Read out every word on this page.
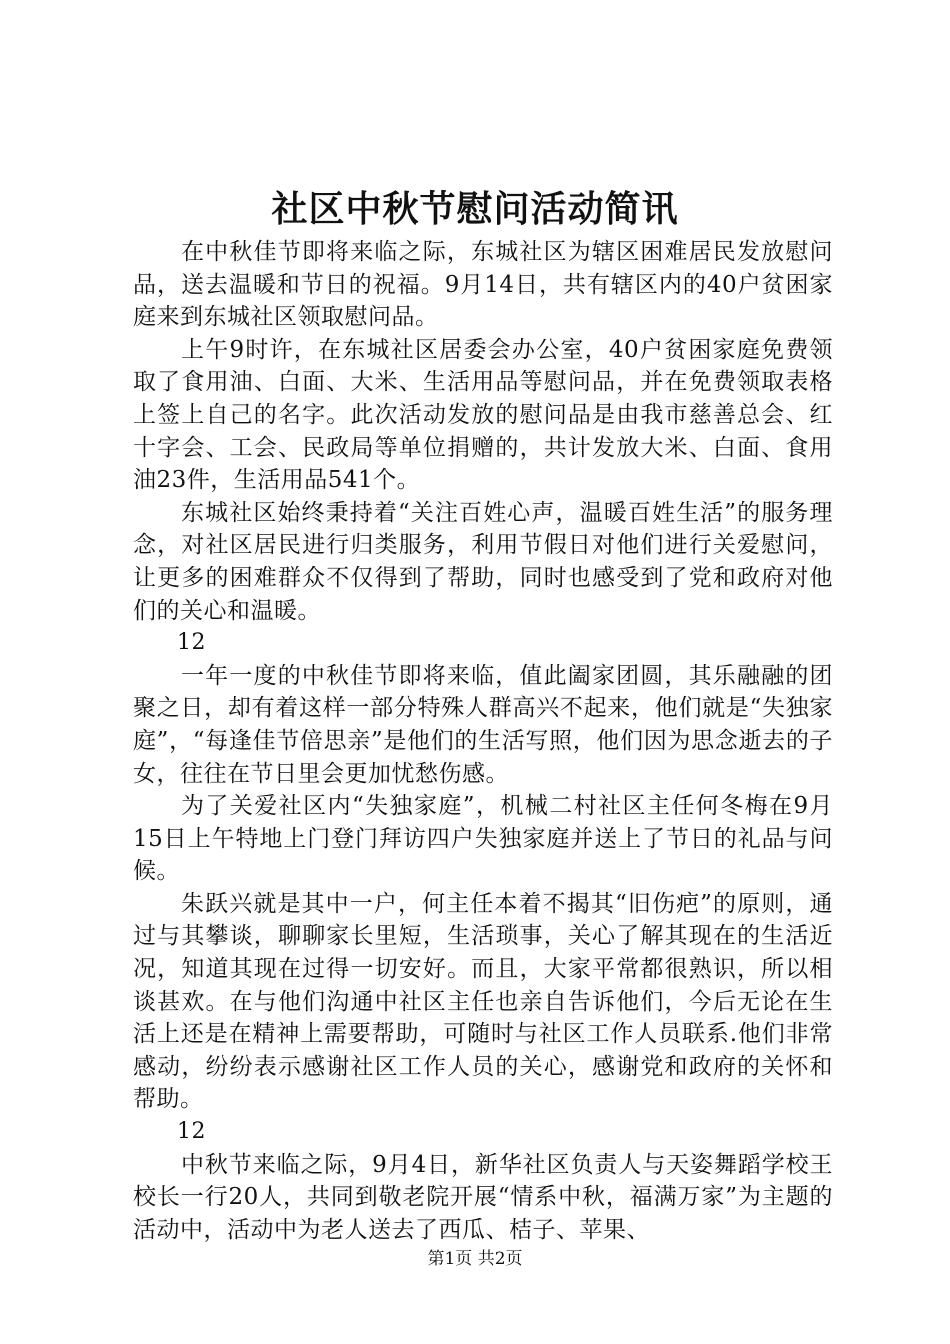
社区中秋节慰问活动简讯

在中秋佳节即将来临之际，东城社区为辖区困难居民发放慰问品，送去温暖和节日的祝福。9月14日，共有辖区内的40户贫困家庭来到东城社区领取慰问品。

上午9时许，在东城社区居委会办公室，40户贫困家庭免费领取了食用油、白面、大米、生活用品等慰问品，并在免费领取表格上签上自己的名字。此次活动发放的慰问品是由我市慈善总会、红十字会、工会、民政局等单位捐赠的，共计发放大米、白面、食用油23件，生活用品541个。

东城社区始终秉持着“关注百姓心声，温暖百姓生活”的服务理念，对社区居民进行归类服务，利用节假日对他们进行关爱慰问，让更多的困难群众不仅得到了帮助，同时也感受到了党和政府对他们的关心和温暖。

12

一年一度的中秋佳节即将来临，值此阖家团圆，其乐融融的团聚之日，却有着这样一部分特殊人群高兴不起来，他们就是“失独家庭”，“每逢佳节倍思亲”是他们的生活写照，他们因为思念逝去的子女，往往在节日里会更加忧愁伤感。

为了关爱社区内“失独家庭”，机械二村社区主任何冬梅在9月15日上午特地上门登门拜访四户失独家庭并送上了节日的礼品与问候。

朱跃兴就是其中一户，何主任本着不揭其“旧伤疤”的原则，通过与其攀谈，聊聊家长里短，生活琐事，关心了解其现在的生活近况，知道其现在过得一切安好。而且，大家平常都很熟识，所以相谈甚欢。在与他们沟通中社区主任也亲自告诉他们，今后无论在生活上还是在精神上需要帮助，可随时与社区工作人员联系.他们非常感动，纷纷表示感谢社区工作人员的关心，感谢党和政府的关怀和帮助。

12

中秋节来临之际，9月4日，新华社区负责人与天姿舞蹈学校王校长一行20人，共同到敬老院开展“情系中秋，福满万家”为主题的活动中，活动中为老人送去了西瓜、桔子、苹果、

第1页 共2页
